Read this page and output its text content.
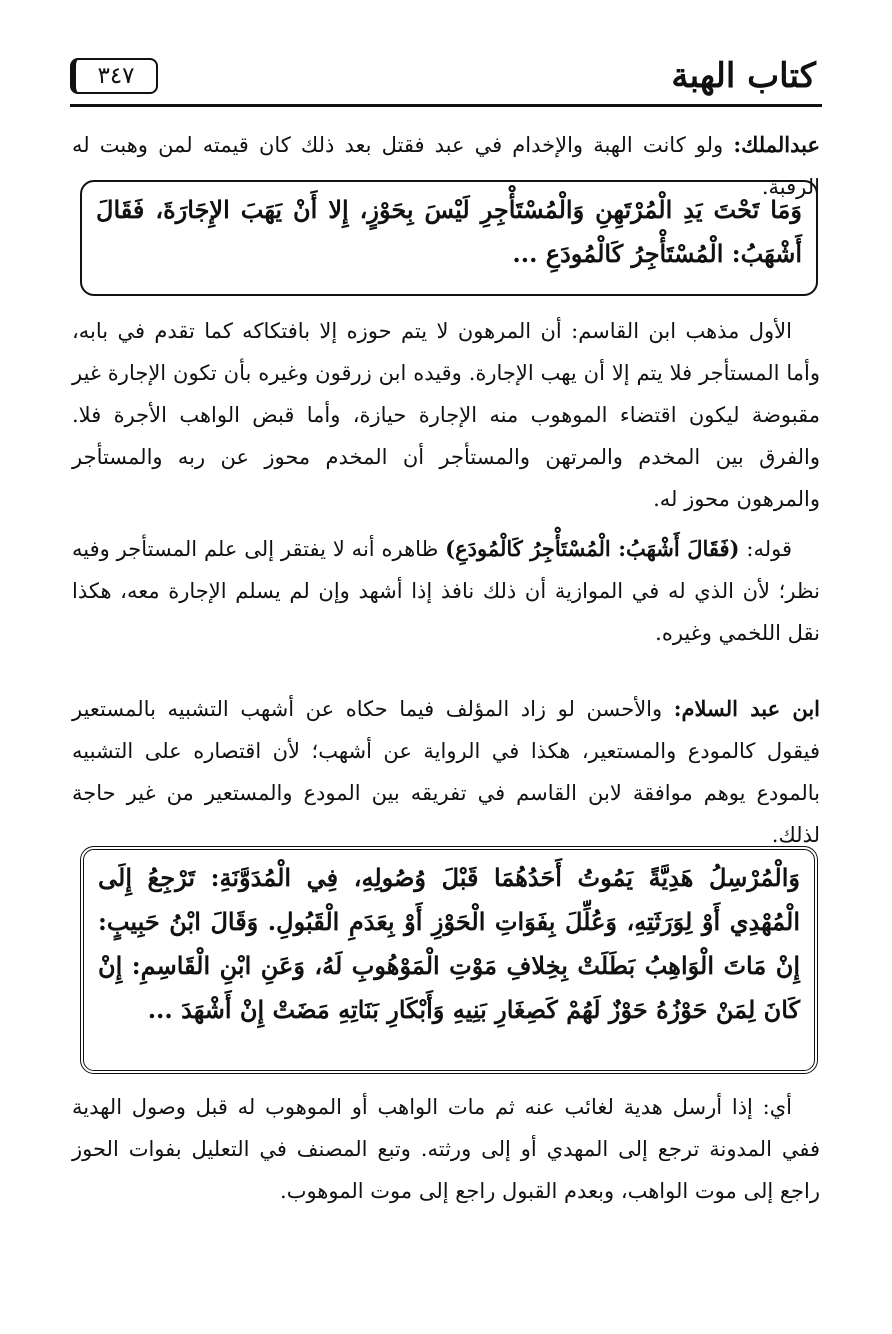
كتاب الهبة
٣٤٧
عبدالملك: ولو كانت الهبة والإخدام في عبد فقتل بعد ذلك كان قيمته لمن وهبت له الرقبة.
وَمَا تَحْتَ يَدِ الْمُرْتَهِنِ وَالْمُسْتَأْجِرِ لَيْسَ بِحَوْزٍ، إِلا أَنْ يَهَبَ الإِجَارَةَ، فَقَالَ أَشْهَبُ: الْمُسْتَأْجِرُ كَالْمُودَعِ ...
الأول مذهب ابن القاسم: أن المرهون لا يتم حوزه إلا بافتكاكه كما تقدم في بابه، وأما المستأجر فلا يتم إلا أن يهب الإجارة. وقيده ابن زرقون وغيره بأن تكون الإجارة غير مقبوضة ليكون اقتضاء الموهوب منه الإجارة حيازة، وأما قبض الواهب الأجرة فلا. والفرق بين المخدم والمرتهن والمستأجر أن المخدم محوز عن ربه والمستأجر والمرهون محوز له.
قوله: (فَقَالَ أَشْهَبُ: الْمُسْتَأْجِرُ كَالْمُودَعِ) ظاهره أنه لا يفتقر إلى علم المستأجر وفيه نظر؛ لأن الذي له في الموازية أن ذلك نافذ إذا أشهد وإن لم يسلم الإجارة معه، هكذا نقل اللخمي وغيره.
ابن عبد السلام: والأحسن لو زاد المؤلف فيما حكاه عن أشهب التشبيه بالمستعير فيقول كالمودع والمستعير، هكذا في الرواية عن أشهب؛ لأن اقتصاره على التشبيه بالمودع يوهم موافقة لابن القاسم في تفريقه بين المودع والمستعير من غير حاجة لذلك.
وَالْمُرْسِلُ هَدِيَّةً يَمُوتُ أَحَدُهُمَا قَبْلَ وُصُولِهِ، فِي الْمُدَوَّنَةِ: تَرْجِعُ إِلَى الْمُهْدِي أَوْ لِوَرَثَتِهِ، وَعُلِّلَ بِفَوَاتِ الْحَوْزِ أَوْ بِعَدَمِ الْقَبُولِ. وَقَالَ ابْنُ حَبِيبٍ: إِنْ مَاتَ الْوَاهِبُ بَطَلَتْ بِخِلافِ مَوْتِ الْمَوْهُوبِ لَهُ، وَعَنِ ابْنِ الْقَاسِمِ: إِنْ كَانَ لِمَنْ حَوْزُهُ حَوْزٌ لَهُمْ كَصِغَارِ بَنِيهِ وَأَبْكَارِ بَنَاتِهِ مَضَتْ إِنْ أَشْهَدَ ...
أي: إذا أرسل هدية لغائب عنه ثم مات الواهب أو الموهوب له قبل وصول الهدية ففي المدونة ترجع إلى المهدي أو إلى ورثته. وتبع المصنف في التعليل بفوات الحوز راجع إلى موت الواهب، وبعدم القبول راجع إلى موت الموهوب.
